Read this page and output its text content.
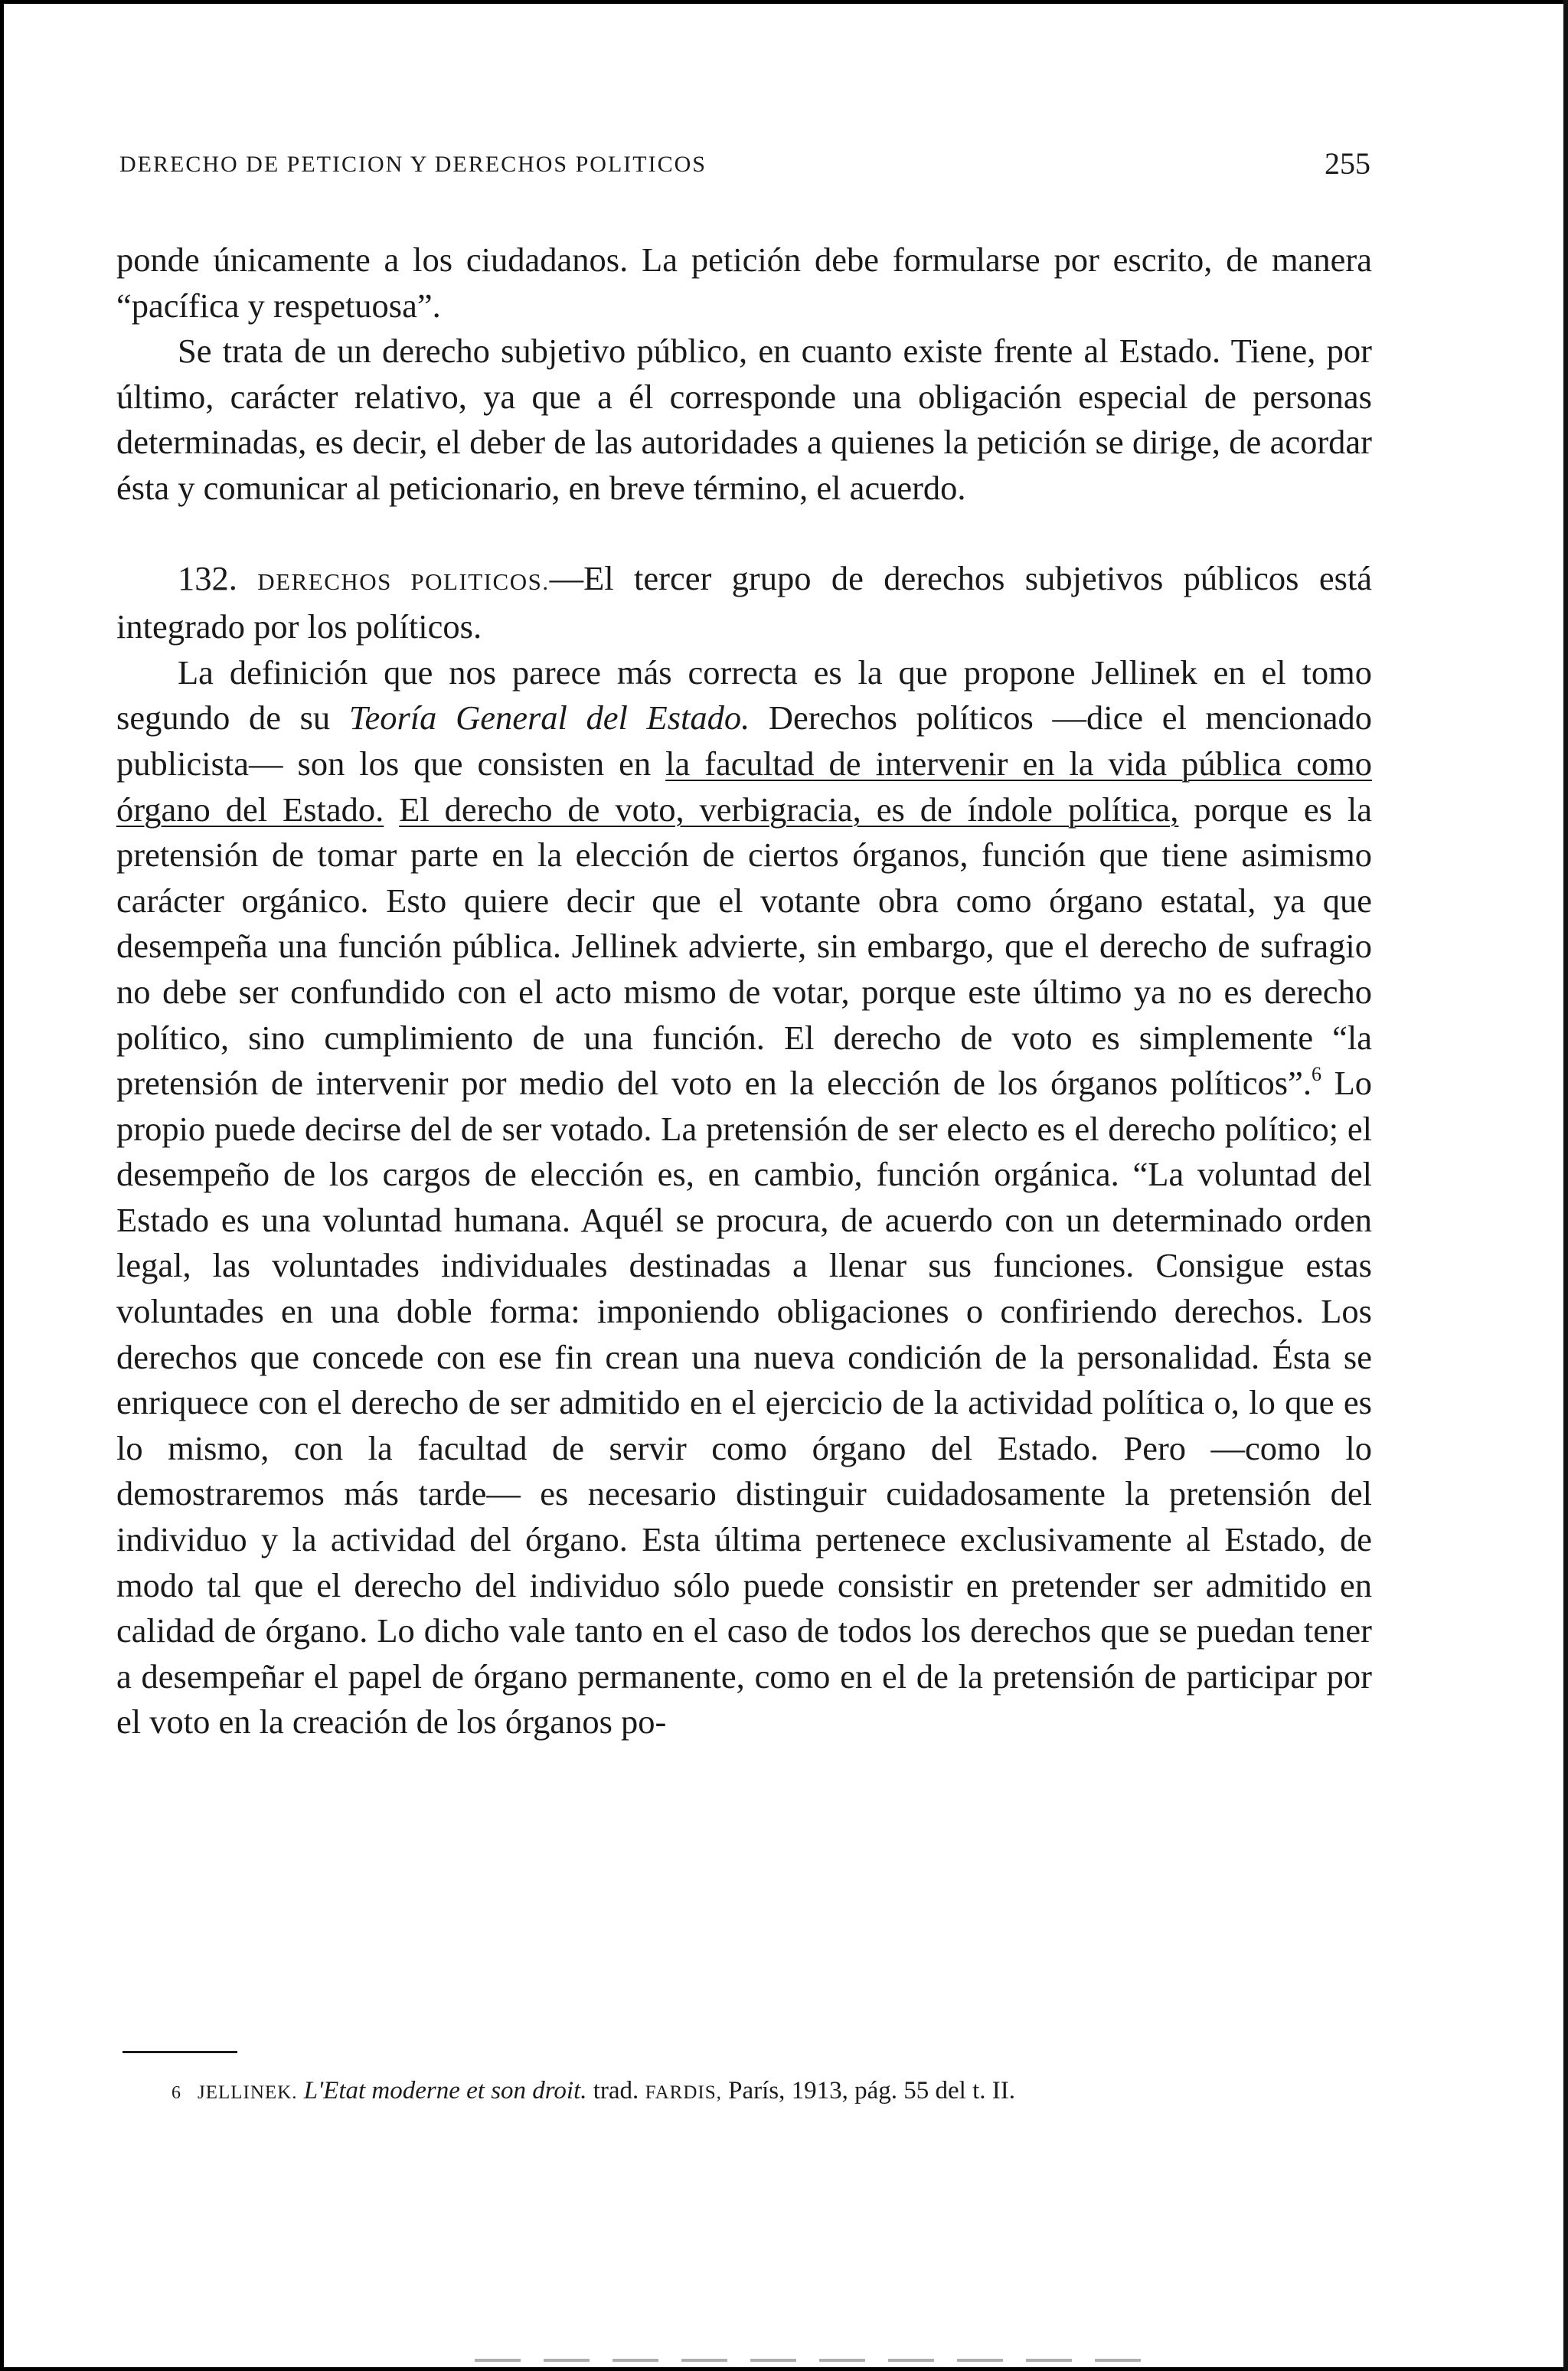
DERECHO DE PETICION Y DERECHOS POLITICOS	255

ponde únicamente a los ciudadanos. La petición debe formularse por escrito, de manera “pacífica y respetuosa”.

Se trata de un derecho subjetivo público, en cuanto existe frente al Estado. Tiene, por último, carácter relativo, ya que a él corresponde una obligación especial de personas determinadas, es decir, el deber de las autoridades a quienes la petición se dirige, de acordar ésta y comunicar al peticionario, en breve término, el acuerdo.

132. DERECHOS POLITICOS.—El tercer grupo de derechos subjetivos públicos está integrado por los políticos.

La definición que nos parece más correcta es la que propone Jellinek en el tomo segundo de su Teoría General del Estado. Derechos políticos —dice el mencionado publicista— son los que consisten en la facultad de intervenir en la vida pública como órgano del Estado. El derecho de voto, verbigracia, es de índole política, porque es la pretensión de tomar parte en la elección de ciertos órganos, función que tiene asimismo carácter orgánico. Esto quiere decir que el votante obra como órgano estatal, ya que desempeña una función pública. Jellinek advierte, sin embargo, que el derecho de sufragio no debe ser confundido con el acto mismo de votar, porque este último ya no es derecho político, sino cumplimiento de una función. El derecho de voto es simplemente “la pretensión de intervenir por medio del voto en la elección de los órganos políticos”.$^6$ Lo propio puede decirse del de ser votado. La pretensión de ser electo es el derecho político; el desempeño de los cargos de elección es, en cambio, función orgánica. “La voluntad del Estado es una voluntad humana. Aquél se procura, de acuerdo con un determinado orden legal, las voluntades individuales destinadas a llenar sus funciones. Consigue estas voluntades en una doble forma: imponiendo obligaciones o confiriendo derechos. Los derechos que concede con ese fin crean una nueva condición de la personalidad. Ésta se enriquece con el derecho de ser admitido en el ejercicio de la actividad política o, lo que es lo mismo, con la facultad de servir como órgano del Estado. Pero —como lo demostraremos más tarde— es necesario distinguir cuidadosamente la pretensión del individuo y la actividad del órgano. Esta última pertenece exclusivamente al Estado, de modo tal que el derecho del individuo sólo puede consistir en pretender ser admitido en calidad de órgano. Lo dicho vale tanto en el caso de todos los derechos que se puedan tener a desempeñar el papel de órgano permanente, como en el de la pretensión de participar por el voto en la creación de los órganos po-

6 JELLINEK. L'Etat moderne et son droit. trad. FARDIS, París, 1913, pág. 55 del t. II.
